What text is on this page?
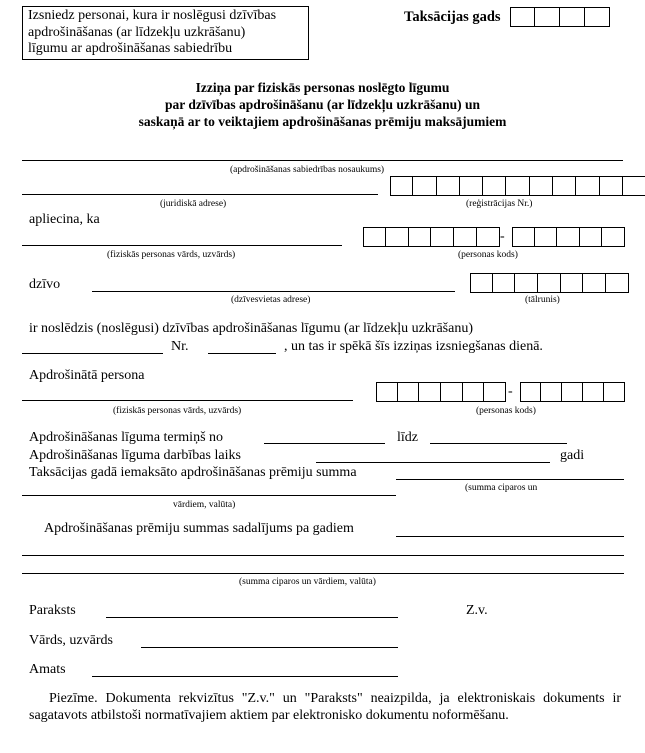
Izsniedz personai, kura ir noslēgusi dzīvības
apdrošināšanas (ar līdzekļu uzkrāšanu)
līgumu ar apdrošināšanas sabiedrību
Taksācijas gads
Izziņa par fiziskās personas noslēgto līgumu
par dzīvības apdrošināšanu (ar līdzekļu uzkrāšanu) un
saskaņā ar to veiktajiem apdrošināšanas prēmiju maksājumiem
(apdrošināšanas sabiedrības nosaukums)
(juridiskā adrese)	(reģistrācijas Nr.)
apliecina, ka
-
(fiziskās personas vārds, uzvārds)	(personas kods)
dzīvo
(dzīvesvietas adrese)	(tālrunis)
ir noslēdzis (noslēgusi) dzīvības apdrošināšanas līgumu (ar līdzekļu uzkrāšanu)
Nr.	, un tas ir spēkā šīs izziņas izsniegšanas dienā.
Apdrošinātā persona
-
(fiziskās personas vārds, uzvārds)	(personas kods)
Apdrošināšanas līguma termiņš no	līdz
Apdrošināšanas līguma darbības laiks	gadi
Taksācijas gadā iemaksāto apdrošināšanas prēmiju summa
(summa ciparos un
vārdiem, valūta)
Apdrošināšanas prēmiju summas sadalījums pa gadiem
(summa ciparos un vārdiem, valūta)
Paraksts	Z.v.
Vārds, uzvārds
Amats
Piezīme. Dokumenta rekvizītus "Z.v." un "Paraksts" neaizpilda, ja elektroniskais dokuments ir sagatavots atbilstoši normatīvajiem aktiem par elektronisko dokumentu noformēšanu.
